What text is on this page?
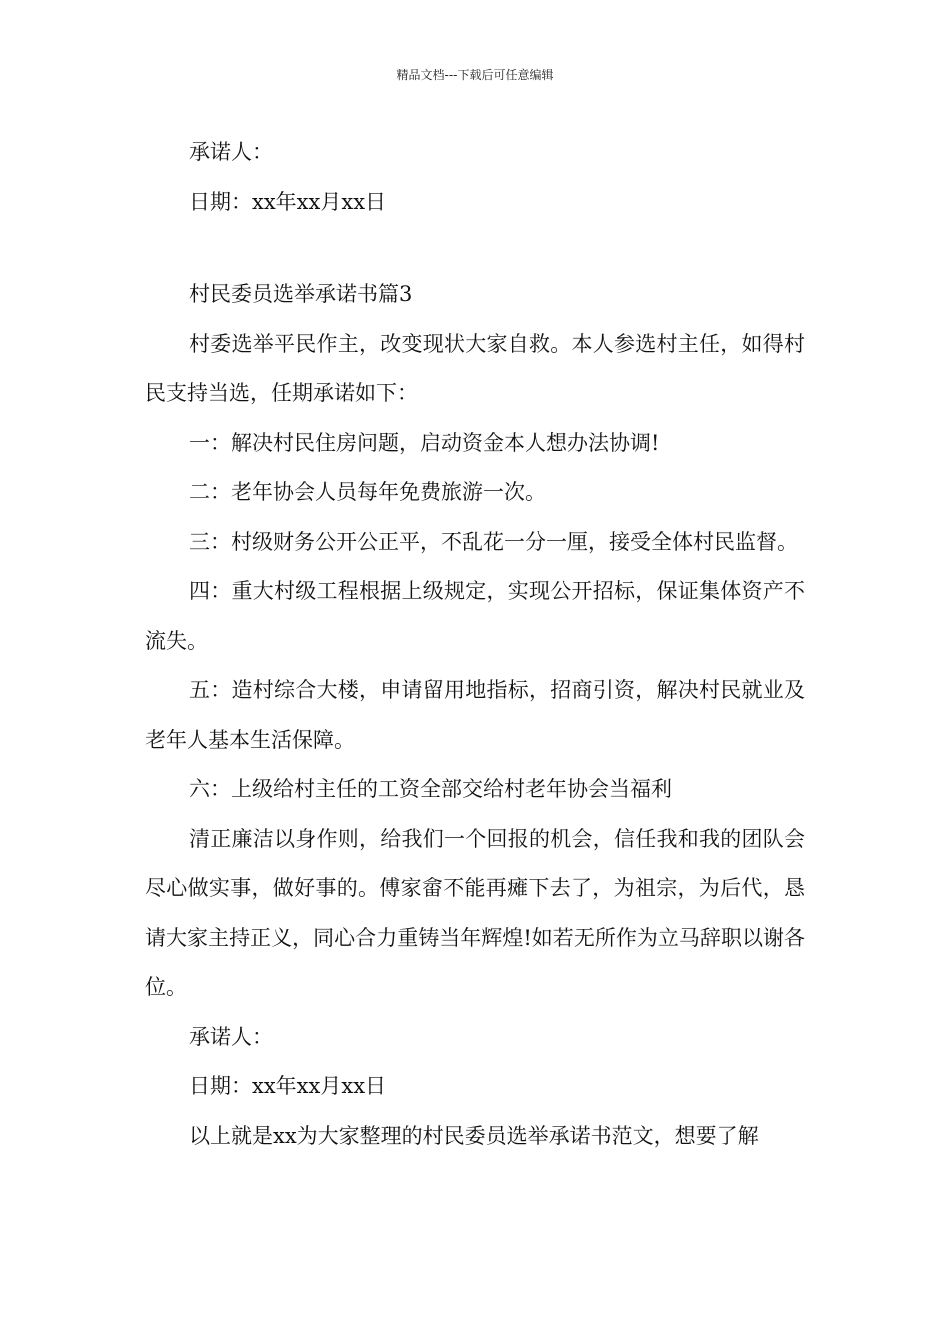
精品文档---下载后可任意编辑

承诺人：

日期：xx年xx月xx日

村民委员选举承诺书篇3

村委选举平民作主，改变现状大家自救。本人参选村主任，如得村民支持当选，任期承诺如下：

一：解决村民住房问题，启动资金本人想办法协调!

二：老年协会人员每年免费旅游一次。

三：村级财务公开公正平，不乱花一分一厘，接受全体村民监督。

四：重大村级工程根据上级规定，实现公开招标，保证集体资产不流失。

五：造村综合大楼，申请留用地指标，招商引资，解决村民就业及老年人基本生活保障。

六：上级给村主任的工资全部交给村老年协会当福利

清正廉洁以身作则，给我们一个回报的机会，信任我和我的团队会尽心做实事，做好事的。傅家畲不能再瘫下去了，为祖宗，为后代，恳请大家主持正义，同心合力重铸当年辉煌!如若无所作为立马辞职以谢各位。

承诺人：

日期：xx年xx月xx日

以上就是xx为大家整理的村民委员选举承诺书范文，想要了解
